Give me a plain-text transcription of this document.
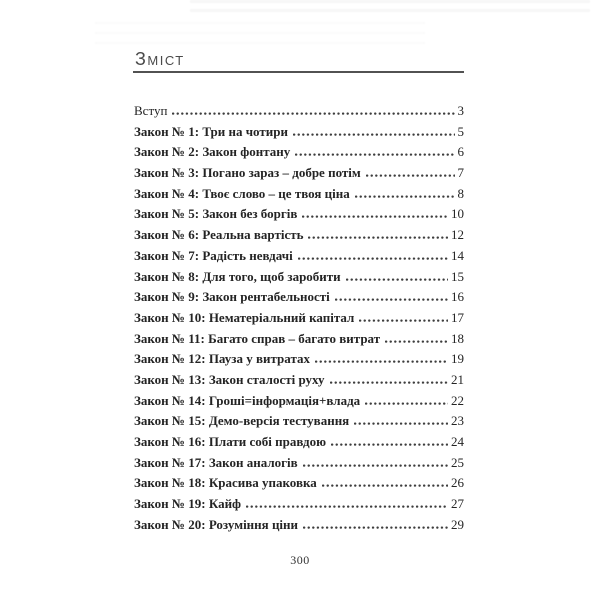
Зміст
Вступ	3
Закон № 1: Три на чотири	5
Закон № 2: Закон фонтану	6
Закон № 3: Погано зараз – добре потім	7
Закон № 4: Твоє слово – це твоя ціна	8
Закон № 5: Закон без боргів	10
Закон № 6: Реальна вартість	12
Закон № 7: Радість невдачі	14
Закон № 8: Для того, щоб заробити	15
Закон № 9: Закон рентабельності	16
Закон № 10: Нематеріальний капітал	17
Закон № 11: Багато справ – багато витрат	18
Закон № 12: Пауза у витратах	19
Закон № 13: Закон сталості руху	21
Закон № 14: Гроші=інформація+влада	22
Закон № 15: Демо-версія тестування	23
Закон № 16: Плати собі правдою	24
Закон № 17: Закон аналогів	25
Закон № 18: Красива упаковка	26
Закон № 19: Кайф	27
Закон № 20: Розуміння ціни	29
300
